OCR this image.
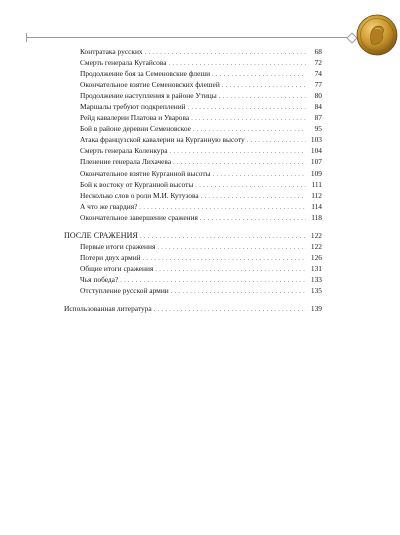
Контратака русских . . .	68
Смерть генерала Кутайсова . . .	72
Продолжение боя за Семеновские флеши . . .	74
Окончательное взятие Семеновских флешей . . .	77
Продолжение наступления в районе Утицы . . .	80
Маршалы требуют подкреплений . . .	84
Рейд кавалерии Платова и Уварова . . .	87
Бой в районе деревни Семеновское . . .	95
Атака французской кавалерии на Курганную высоту . . .	103
Смерть генерала Коленкура . . .	104
Пленение генерала Лихачева . . .	107
Окончательное взятие Курганной высоты . . .	109
Бой к востоку от Курганной высоты . . .	111
Несколько слов о роли М.И. Кутузова . . .	112
А что же гвардия? . . .	114
Окончательное завершение сражения . . .	118
ПОСЛЕ СРАЖЕНИЯ . . .	122
Первые итоги сражения . . .	122
Потери двух армий . . .	126
Общие итоги сражения . . .	131
Чья победа? . . .	133
Отступление русской армии . . .	135
Использованная литература . . .	139
